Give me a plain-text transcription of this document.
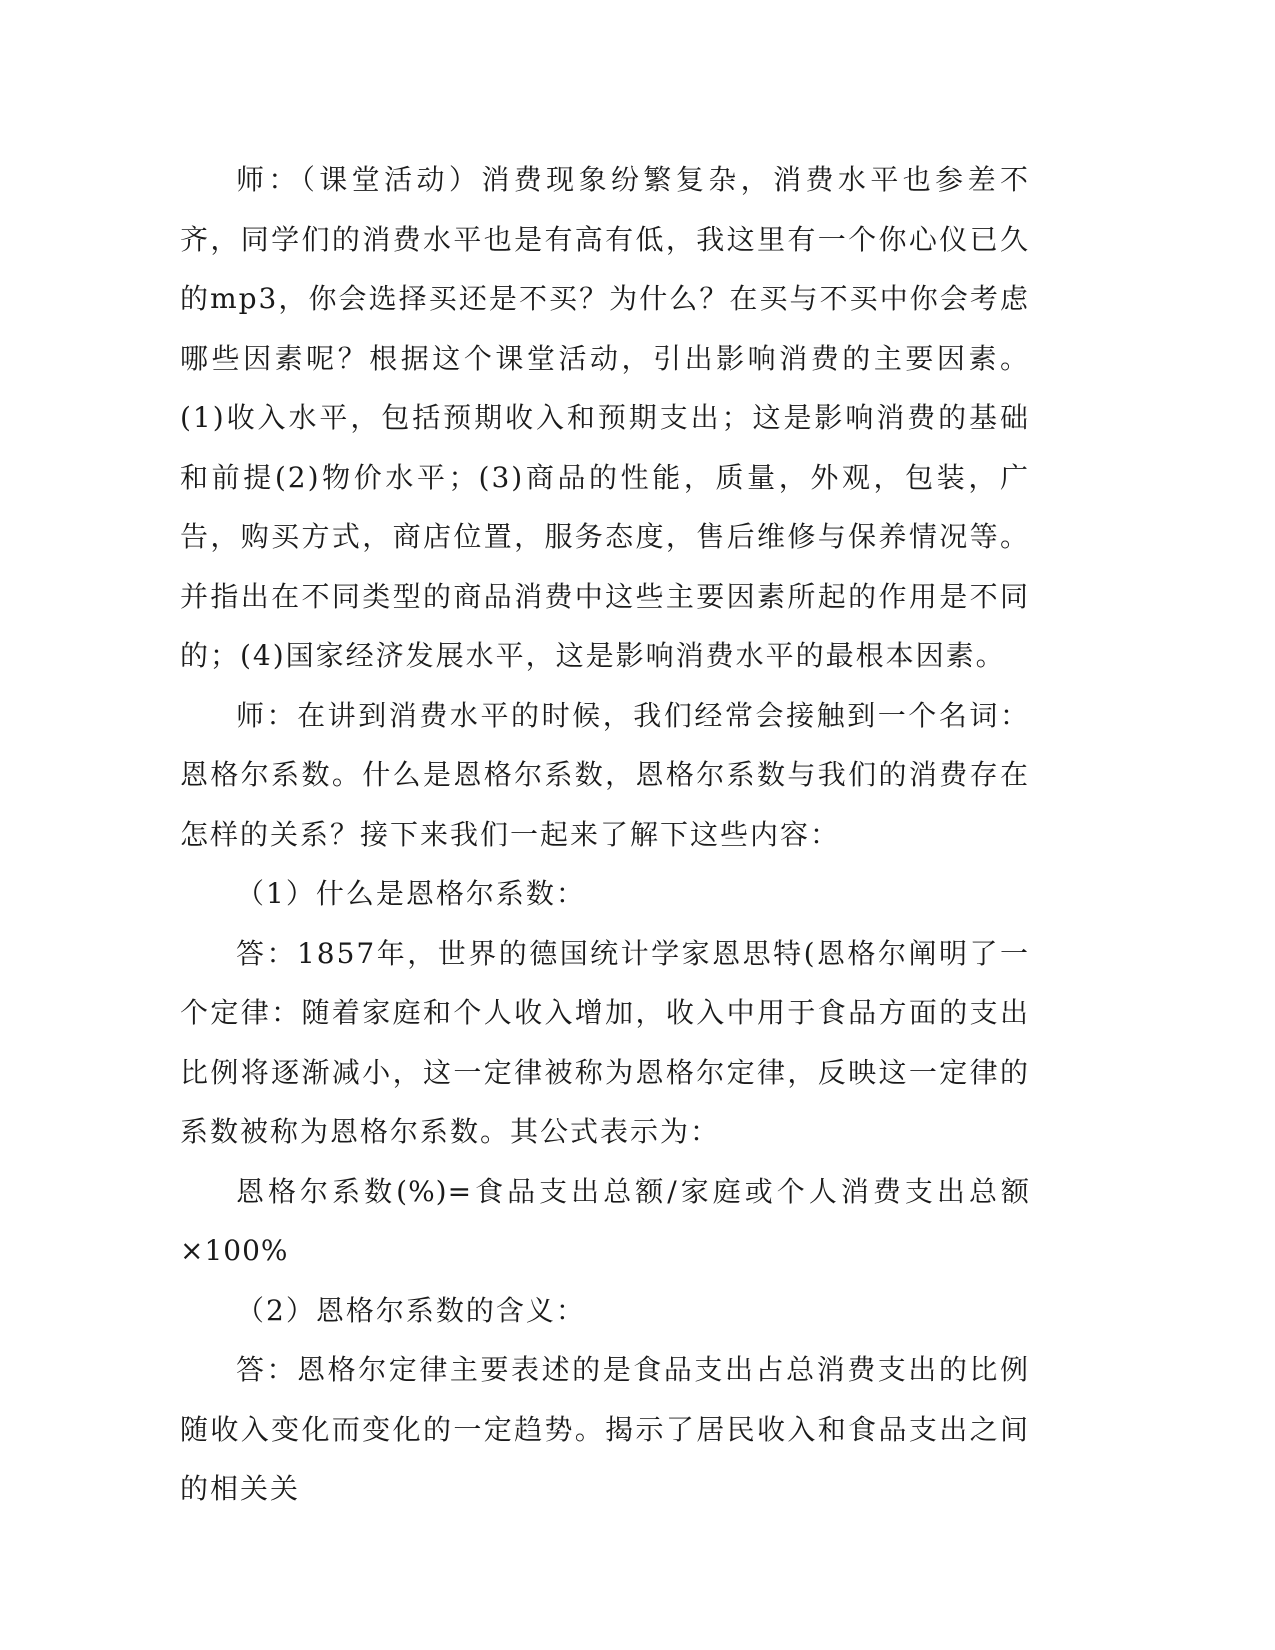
师：（课堂活动）消费现象纷繁复杂，消费水平也参差不齐，同学们的消费水平也是有高有低，我这里有一个你心仪已久的mp3，你会选择买还是不买？为什么？在买与不买中你会考虑哪些因素呢？根据这个课堂活动，引出影响消费的主要因素。(1)收入水平，包括预期收入和预期支出；这是影响消费的基础和前提(2)物价水平；(3)商品的性能，质量，外观，包装，广告，购买方式，商店位置，服务态度，售后维修与保养情况等。并指出在不同类型的商品消费中这些主要因素所起的作用是不同的；(4)国家经济发展水平，这是影响消费水平的最根本因素。

师：在讲到消费水平的时候，我们经常会接触到一个名词：恩格尔系数。什么是恩格尔系数，恩格尔系数与我们的消费存在怎样的关系？接下来我们一起来了解下这些内容：

（1）什么是恩格尔系数：

答：1857年，世界的德国统计学家恩思特(恩格尔阐明了一个定律：随着家庭和个人收入增加，收入中用于食品方面的支出比例将逐渐减小，这一定律被称为恩格尔定律，反映这一定律的系数被称为恩格尔系数。其公式表示为：

恩格尔系数(%)=食品支出总额/家庭或个人消费支出总额×100%

（2）恩格尔系数的含义：

答：恩格尔定律主要表述的是食品支出占总消费支出的比例随收入变化而变化的一定趋势。揭示了居民收入和食品支出之间的相关关
